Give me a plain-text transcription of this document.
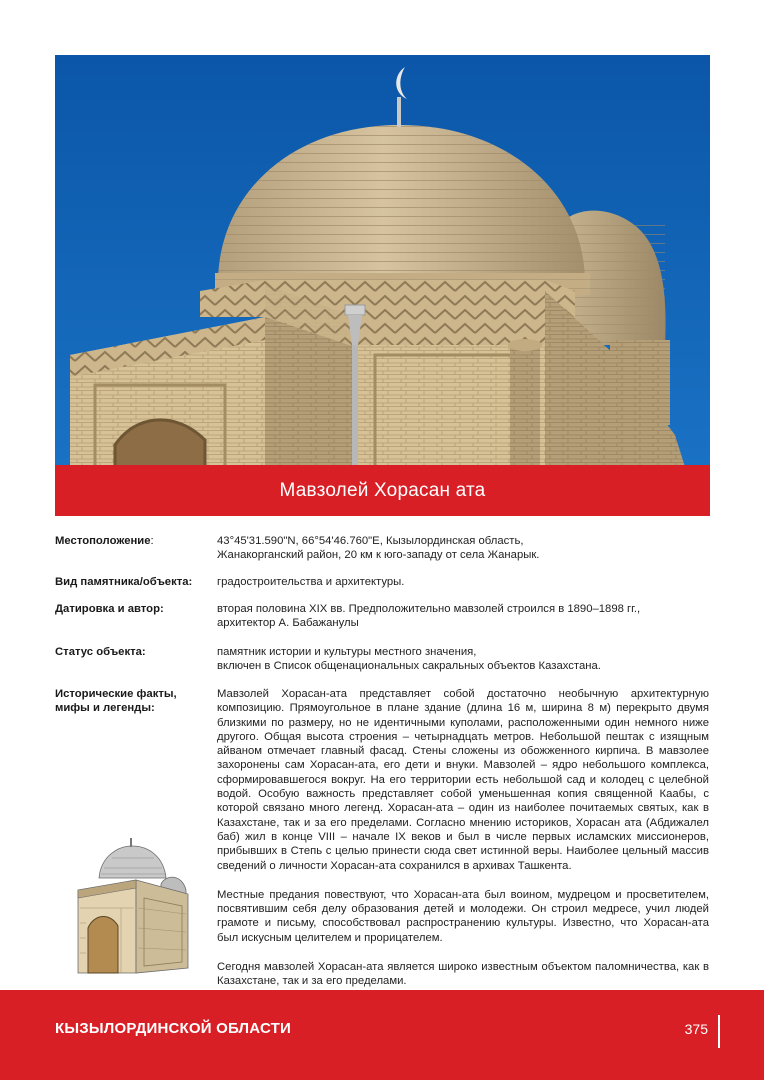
Мавзолей Хорасан ата
Местоположение:	43°45'31.590"N, 66°54'46.760"E, Кызылординская область,
Жанакорганский район, 20 км к юго-западу от села Жанарык.
Вид памятника/объекта:	градостроительства и архитектуры.
Датировка и автор:	вторая половина XIX вв. Предположительно мавзолей строился в 1890–1898 гг.,
архитектор А. Бабажанулы
Статус объекта:	памятник истории и культуры местного значения,
включен в Список общенациональных сакральных объектов Казахстана.
Исторические факты,
мифы и легенды:

Мавзолей Хорасан-ата представляет собой достаточно необычную архитектурную композицию. Прямоугольное в плане здание (длина 16 м, ширина 8 м) перекрыто двумя близкими по размеру, но не идентичными куполами, расположенными один немного ниже другого. Общая высота строения – четырнадцать метров. Небольшой пештак с изящным айваном отмечает главный фасад. Стены сложены из обожженного кирпича. В мавзолее захоронены сам Хорасан-ата, его дети и внуки. Мавзолей – ядро небольшого комплекса, сформировавшегося вокруг. На его территории есть небольшой сад и колодец с целебной водой. Особую важность представляет собой уменьшенная копия священной Каабы, с которой связано много легенд. Хорасан-ата – один из наиболее почитаемых святых, как в Казахстане, так и за его пределами. Согласно мнению историков, Хорасан ата (Абдижалел баб) жил в конце VIII – начале IX веков и был в числе первых исламских миссионеров, прибывших в Степь с целью принести сюда свет истинной веры. Наиболее цельный массив сведений о личности Хорасан-ата сохранился в архивах Ташкента.

Местные предания повествуют, что Хорасан-ата был воином, мудрецом и просветителем, посвятившим себя делу образования детей и молодежи. Он строил медресе, учил людей грамоте и письму, способствовал распространению культуры. Известно, что Хорасан-ата был искусным целителем и прорицателем.

Сегодня мавзолей Хорасан-ата является широко известным объектом паломничества, как в Казахстане, так и за его пределами.

КЫЗЫЛОРДИНСКОЙ ОБЛАСТИ	375
